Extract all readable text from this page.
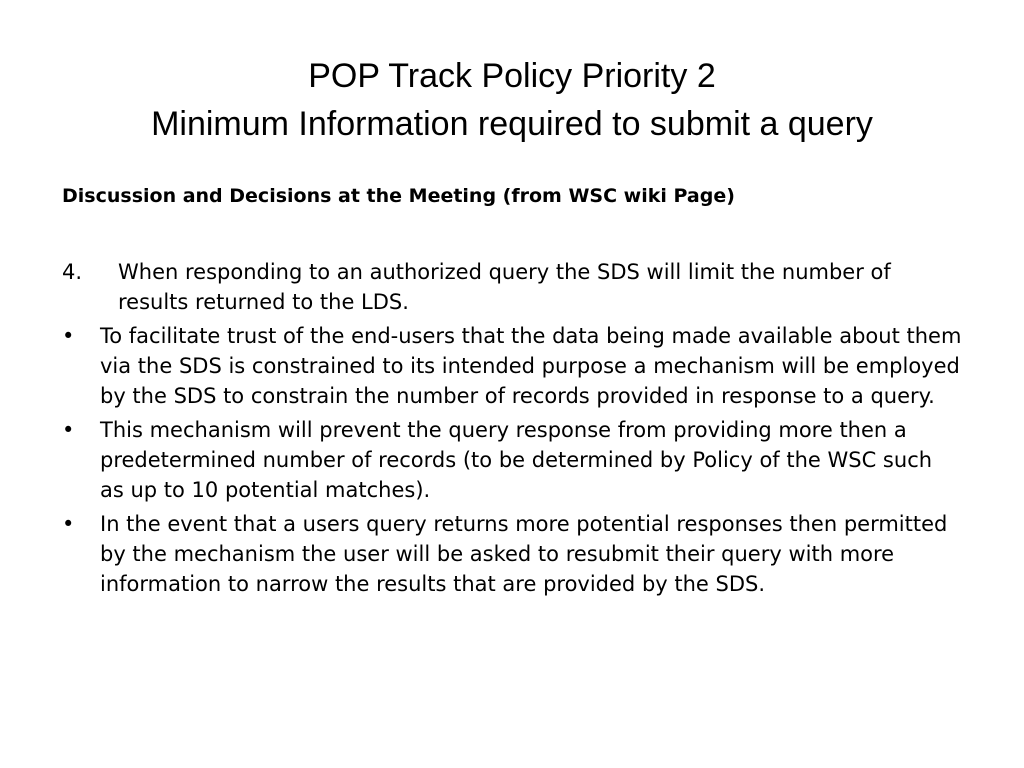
POP Track Policy Priority 2
Minimum Information required to submit a query
Discussion and Decisions at the Meeting (from WSC wiki Page)
4.	When responding to an authorized query the SDS will limit the number of results returned to the LDS.
•	To facilitate trust of the end-users that the data being made available about them via the SDS is constrained to its intended purpose a mechanism will be employed by the SDS to constrain the number of records provided in response to a query.
•	This mechanism will prevent the query response from providing more then a predetermined number of records (to be determined by Policy of the WSC such as up to 10 potential matches).
•	In the event that a users query returns more potential responses then permitted by the mechanism the user will be asked to resubmit their query with more information to narrow the results that are provided by the SDS.
